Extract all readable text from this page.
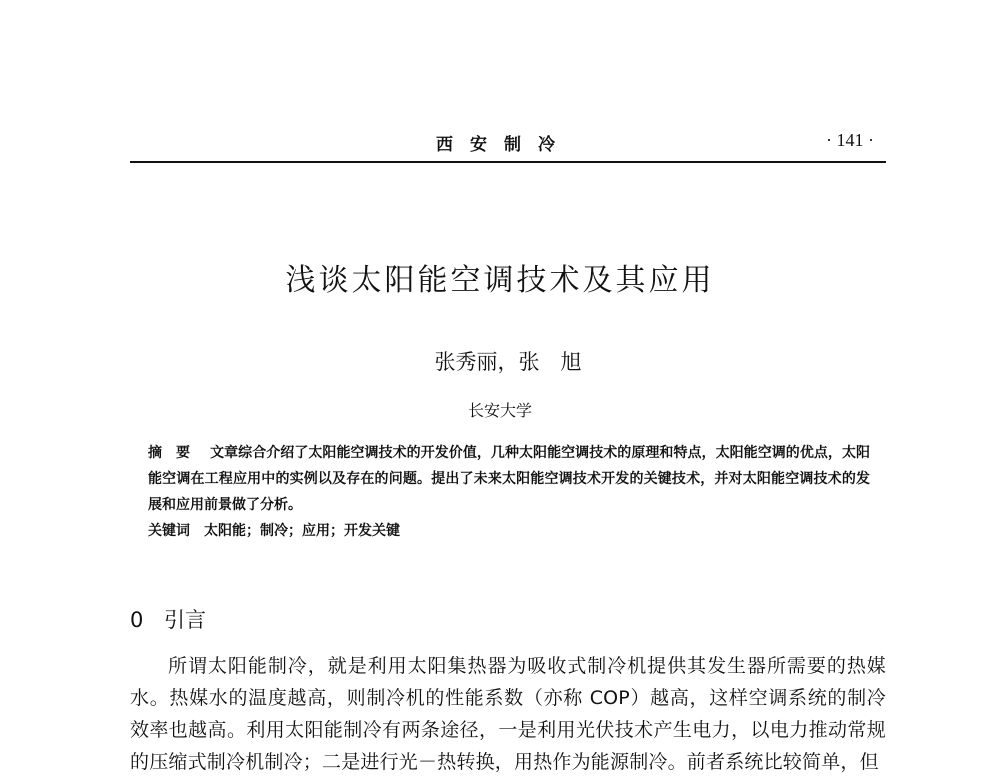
西安制冷	· 141 ·
浅谈太阳能空调技术及其应用
张秀丽，张　旭
长安大学
摘要 文章综合介绍了太阳能空调技术的开发价值，几种太阳能空调技术的原理和特点，太阳能空调的优点，太阳能空调在工程应用中的实例以及存在的问题。提出了未来太阳能空调技术开发的关键技术，并对太阳能空调技术的发展和应用前景做了分析。
关键词 太阳能；制冷；应用；开发关键
0 引言
所谓太阳能制冷，就是利用太阳集热器为吸收式制冷机提供其发生器所需要的热媒水。热媒水的温度越高，则制冷机的性能系数（亦称 COP）越高，这样空调系统的制冷效率也越高。利用太阳能制冷有两条途径，一是利用光伏技术产生电力，以电力推动常规的压缩式制冷机制冷；二是进行光－热转换，用热作为能源制冷。前者系统比较简单，但
